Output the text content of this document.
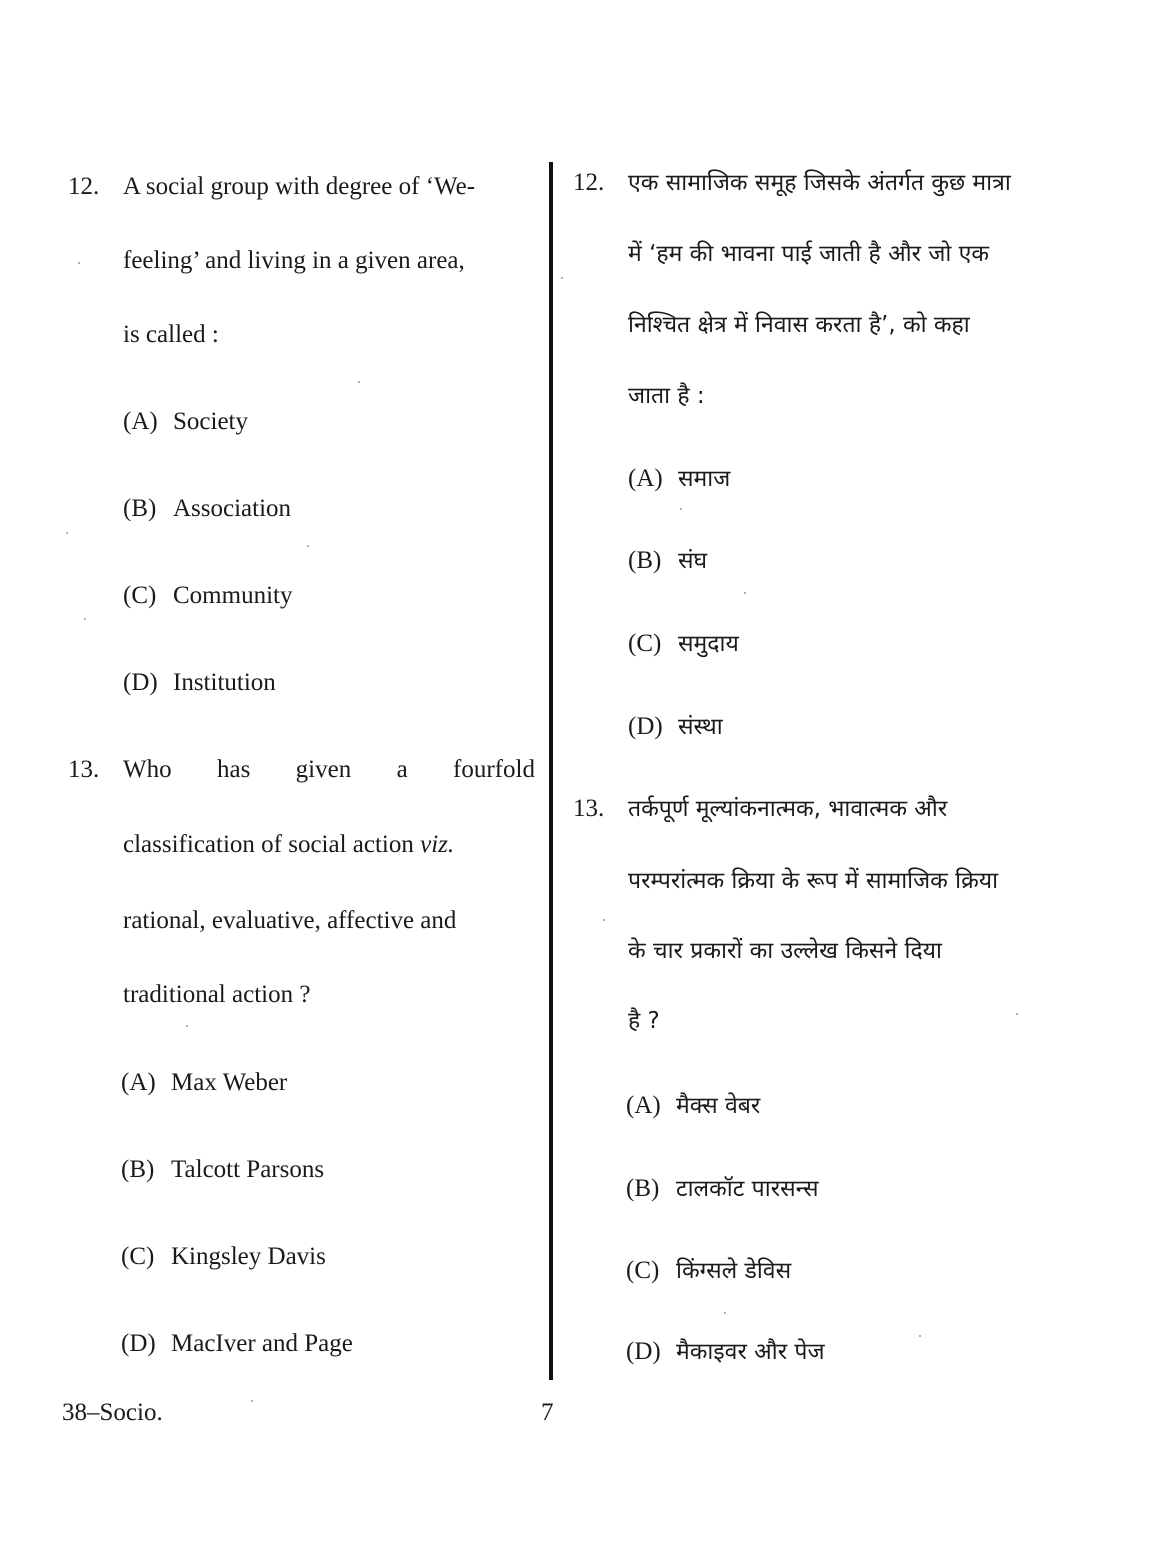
12. A social group with degree of ‘We-
feeling’ and living in a given area,
is called :
(A) Society
(B) Association
(C) Community
(D) Institution
13. Who has given a fourfold
classification of social action viz.
rational, evaluative, affective and
traditional action ?
(A) Max Weber
(B) Talcott Parsons
(C) Kingsley Davis
(D) MacIver and Page
12. एक सामाजिक समूह जिसके अंतर्गत कुछ मात्रा
में ‘हम की भावना पाई जाती है और जो एक
निश्चित क्षेत्र में निवास करता है’, को कहा
जाता है :
(A) समाज
(B) संघ
(C) समुदाय
(D) संस्था
13. तर्कपूर्ण मूल्यांकनात्मक, भावात्मक और
परम्परांत्मक क्रिया के रूप में सामाजिक क्रिया
के चार प्रकारों का उल्लेख किसने दिया
है ?
(A) मैक्स वेबर
(B) टालकॉट पारसन्स
(C) किंग्सले डेविस
(D) मैकाइवर और पेज
38–Socio.	7
